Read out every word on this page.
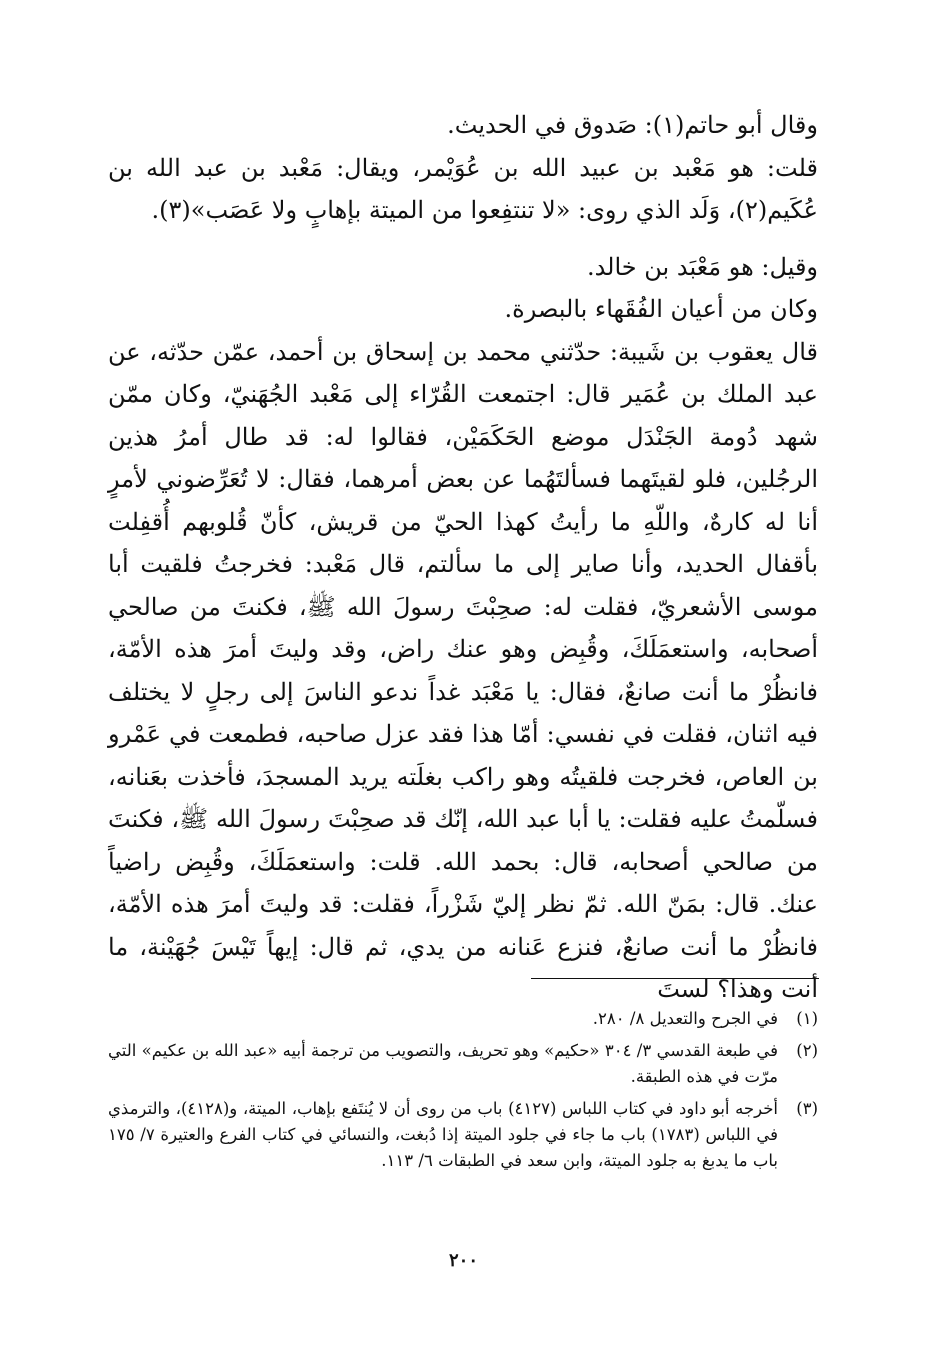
وقال أبو حاتم(١): صَدوق في الحديث.

قلت: هو مَعْبد بن عبيد الله بن عُوَيْمر، ويقال: مَعْبد بن عبد الله بن عُكَيم(٢)، وَلَد الذي روى: «لا تنتفِعوا من الميتة بإهابٍ ولا عَصَب»(٣).

وقيل: هو مَعْبَد بن خالد.

وكان من أعيان الفُقَهاء بالبصرة.

قال يعقوب بن شَيبة: حدّثني محمد بن إسحاق بن أحمد، عمّن حدّثه، عن عبد الملك بن عُمَير قال: اجتمعت القُرّاء إلى مَعْبد الجُهَنيّ، وكان ممّن شهد دُومة الجَنْدَل موضع الحَكَمَيْن، فقالوا له: قد طال أمرُ هذين الرجُلين، فلو لقيتَهما فسألتَهُما عن بعض أمرهما، فقال: لا تُعَرِّضوني لأمرٍ أنا له كارهٌ، واللّهِ ما رأيتُ كهذا الحيّ من قريش، كأنّ قُلوبهم أُقفِلت بأقفال الحديد، وأنا صاير إلى ما سألتم، قال مَعْبد: فخرجتُ فلقيت أبا موسى الأشعريّ، فقلت له: صحِبْتَ رسولَ الله ﷺ، فكنتَ من صالحي أصحابه، واستعمَلَكَ، وقُبِض وهو عنك راض، وقد وليتَ أمرَ هذه الأمّة، فانظُرْ ما أنت صانعٌ، فقال: يا مَعْبَد غداً ندعو الناسَ إلى رجلٍ لا يختلف فيه اثنان، فقلت في نفسي: أمّا هذا فقد عزل صاحبه، فطمعت في عَمْرو بن العاص، فخرجت فلقيتُه وهو راكب بغلَته يريد المسجدَ، فأخذت بعَنانه، فسلّمتُ عليه فقلت: يا أبا عبد الله، إنّك قد صحِبْتَ رسولَ الله ﷺ، فكنتَ من صالحي أصحابه، قال: بحمد الله. قلت: واستعمَلَكَ، وقُبِض راضياً عنك. قال: بمَنّ الله. ثمّ نظر إليّ شَزْراً، فقلت: قد وليتَ أمرَ هذه الأمّة، فانظُرْ ما أنت صانعٌ، فنزع عَنانه من يدي، ثم قال: إيهاً تَيْسَ جُهَيْنة، ما أنت وهذا؟ لستَ

(١)
في الجرح والتعديل ٨/ ٢٨٠.
(٢)
في طبعة القدسي ٣/ ٣٠٤ «حكيم» وهو تحريف، والتصويب من ترجمة أبيه «عبد الله بن عكيم» التي مرّت في هذه الطبقة.
(٣)
أخرجه أبو داود في كتاب اللباس (٤١٢٧) باب من روى أن لا يُنتَفع بإهاب، الميتة، و(٤١٢٨)، والترمذي في اللباس (١٧٨٣) باب ما جاء في جلود الميتة إذا دُبغت، والنسائي في كتاب الفرع والعتيرة ٧/ ١٧٥ باب ما يدبغ به جلود الميتة، وابن سعد في الطبقات ٦/ ١١٣.
٢٠٠
